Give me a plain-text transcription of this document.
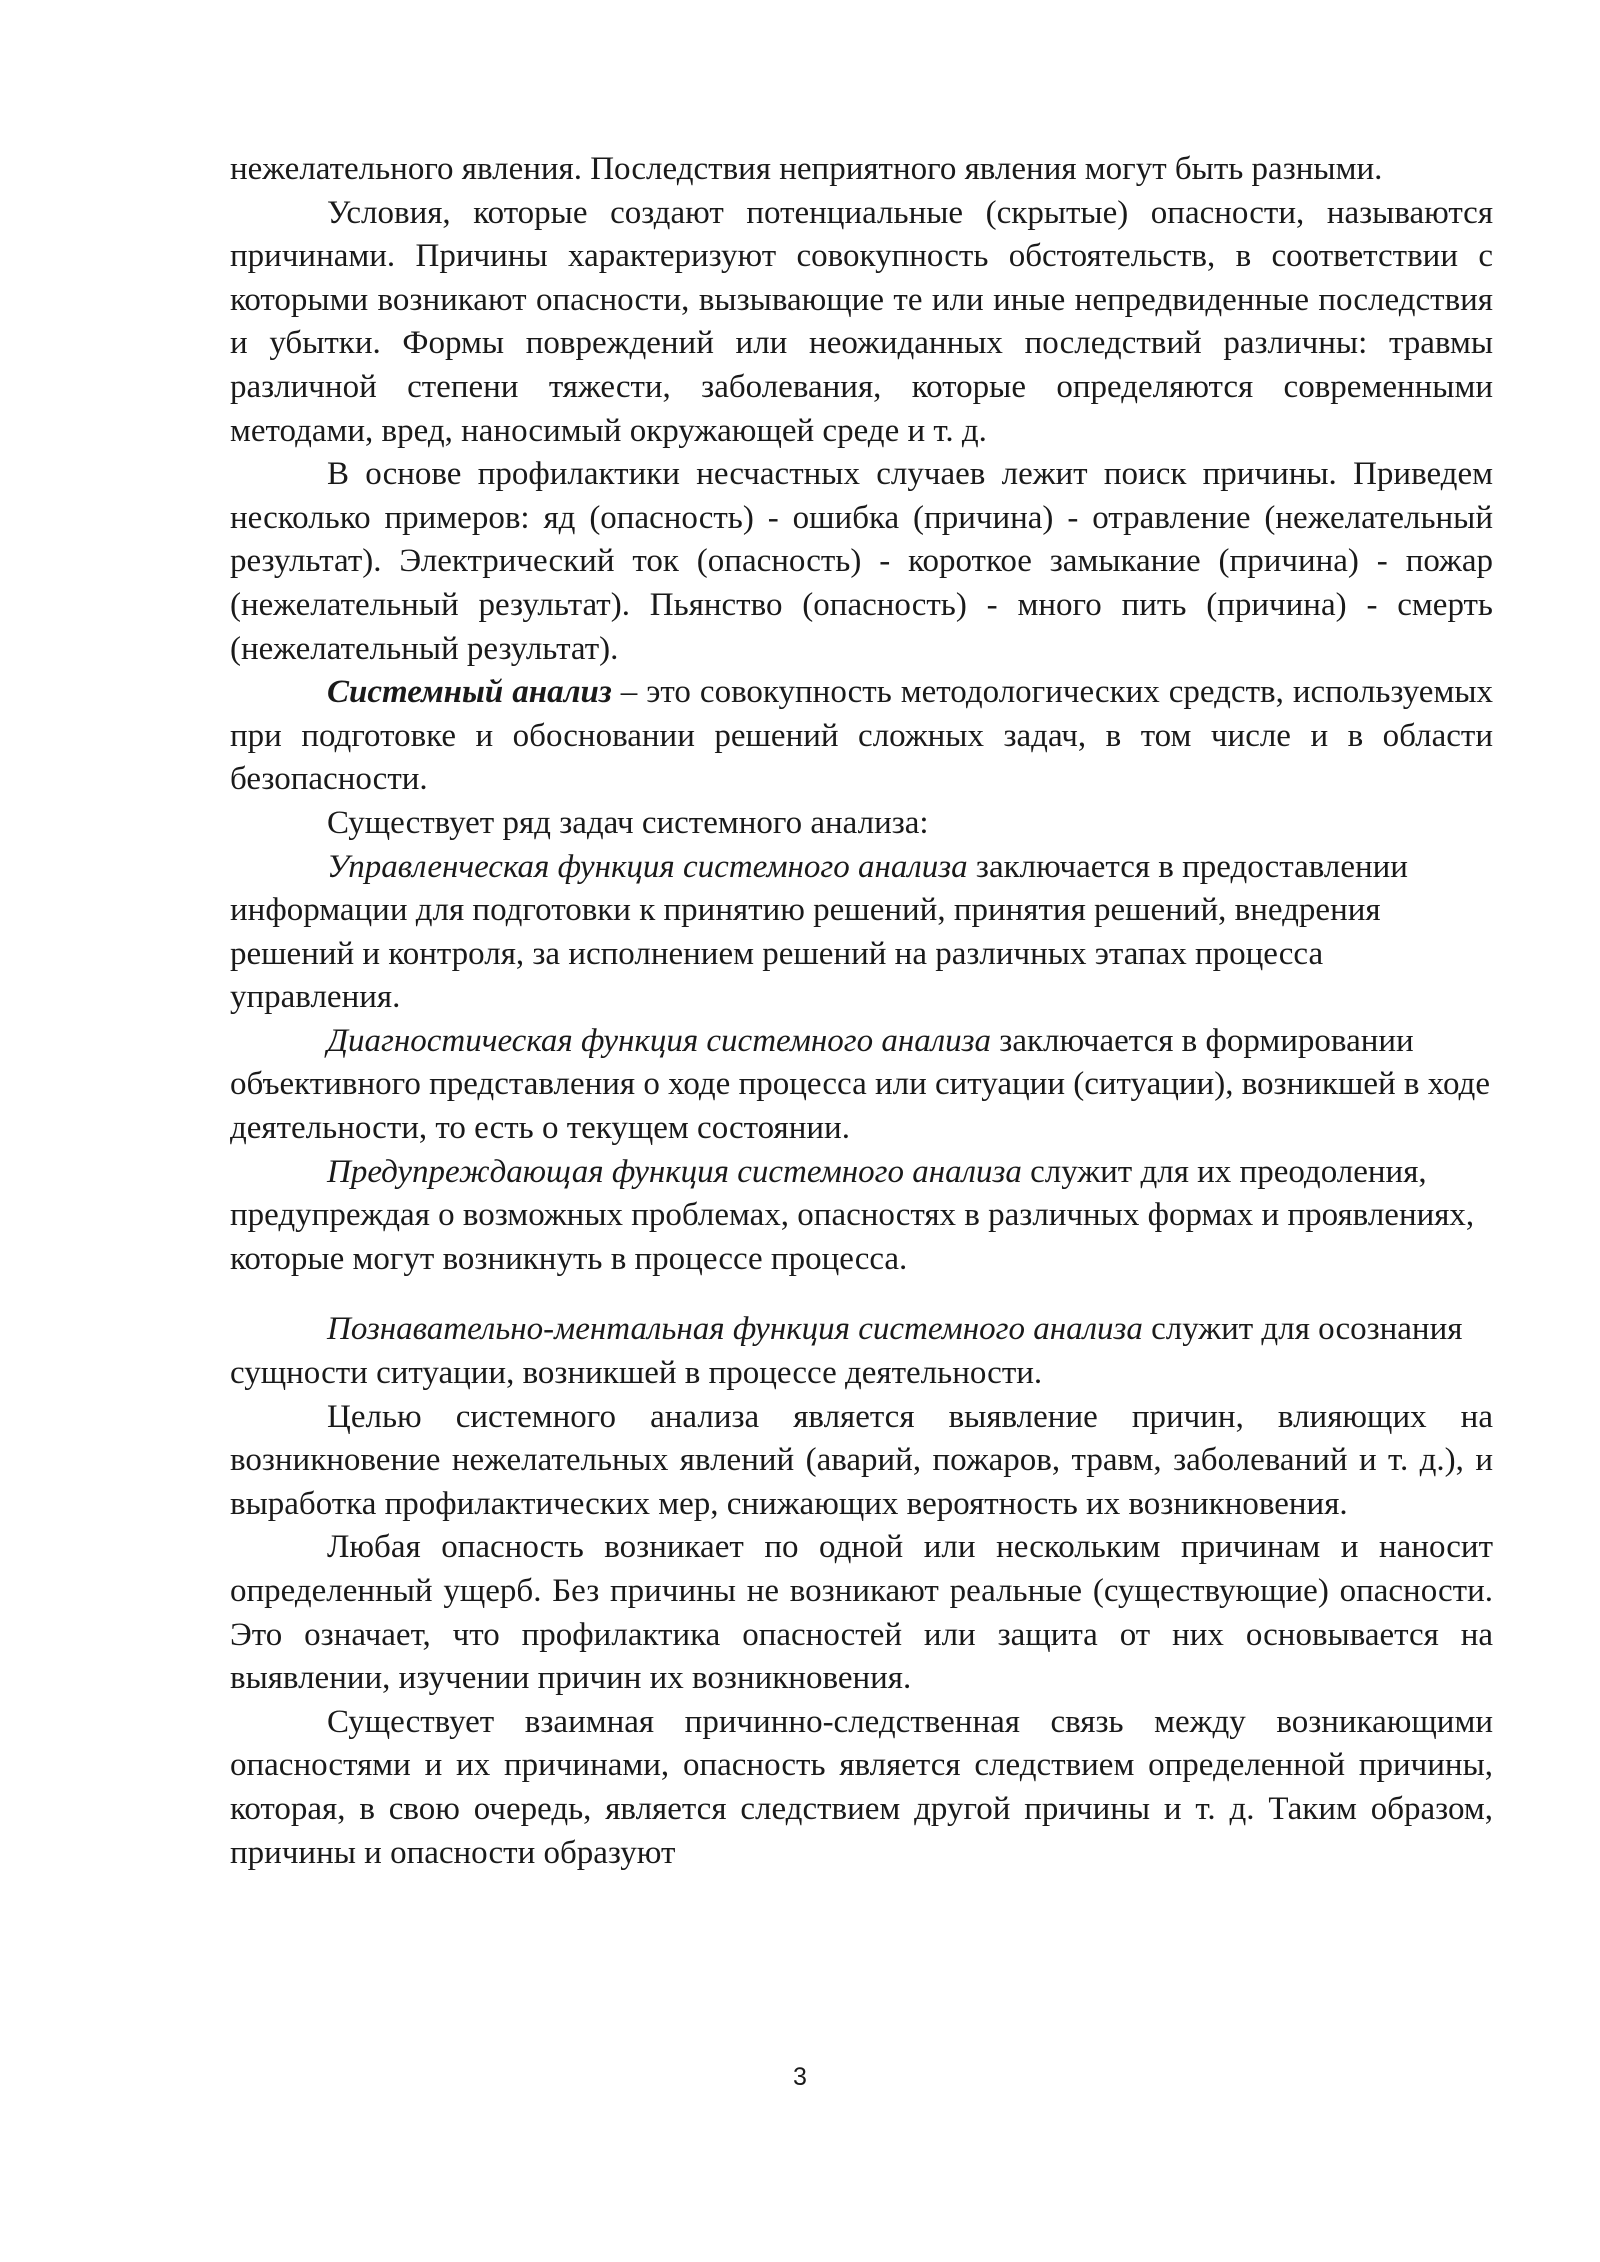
нежелательного явления. Последствия неприятного явления могут быть разными.

Условия, которые создают потенциальные (скрытые) опасности, называются причинами. Причины характеризуют совокупность обстоятельств, в соответствии с которыми возникают опасности, вызывающие те или иные непредвиденные последствия и убытки. Формы повреждений или неожиданных последствий различны: травмы различной степени тяжести, заболевания, которые определяются современными методами, вред, наносимый окружающей среде и т. д.

В основе профилактики несчастных случаев лежит поиск причины. Приведем несколько примеров: яд (опасность) - ошибка (причина) - отравление (нежелательный результат). Электрический ток (опасность) - короткое замыкание (причина) - пожар (нежелательный результат). Пьянство (опасность) - много пить (причина) - смерть (нежелательный результат).

Системный анализ – это совокупность методологических средств, используемых при подготовке и обосновании решений сложных задач, в том числе и в области безопасности.

Существует ряд задач системного анализа:

Управленческая функция системного анализа заключается в предоставлении информации для подготовки к принятию решений, принятия решений, внедрения решений и контроля, за исполнением решений на различных этапах процесса управления.

Диагностическая функция системного анализа заключается в формировании объективного представления о ходе процесса или ситуации (ситуации), возникшей в ходе деятельности, то есть о текущем состоянии.

Предупреждающая функция системного анализа служит для их преодоления, предупреждая о возможных проблемах, опасностях в различных формах и проявлениях, которые могут возникнуть в процессе процесса.

Познавательно-ментальная функция системного анализа служит для осознания сущности ситуации, возникшей в процессе деятельности.

Целью системного анализа является выявление причин, влияющих на возникновение нежелательных явлений (аварий, пожаров, травм, заболеваний и т. д.), и выработка профилактических мер, снижающих вероятность их возникновения.

Любая опасность возникает по одной или нескольким причинам и наносит определенный ущерб. Без причины не возникают реальные (существующие) опасности. Это означает, что профилактика опасностей или защита от них основывается на выявлении, изучении причин их возникновения.

Существует взаимная причинно-следственная связь между возникающими опасностями и их причинами, опасность является следствием определенной причины, которая, в свою очередь, является следствием другой причины и т. д. Таким образом, причины и опасности образуют

3
